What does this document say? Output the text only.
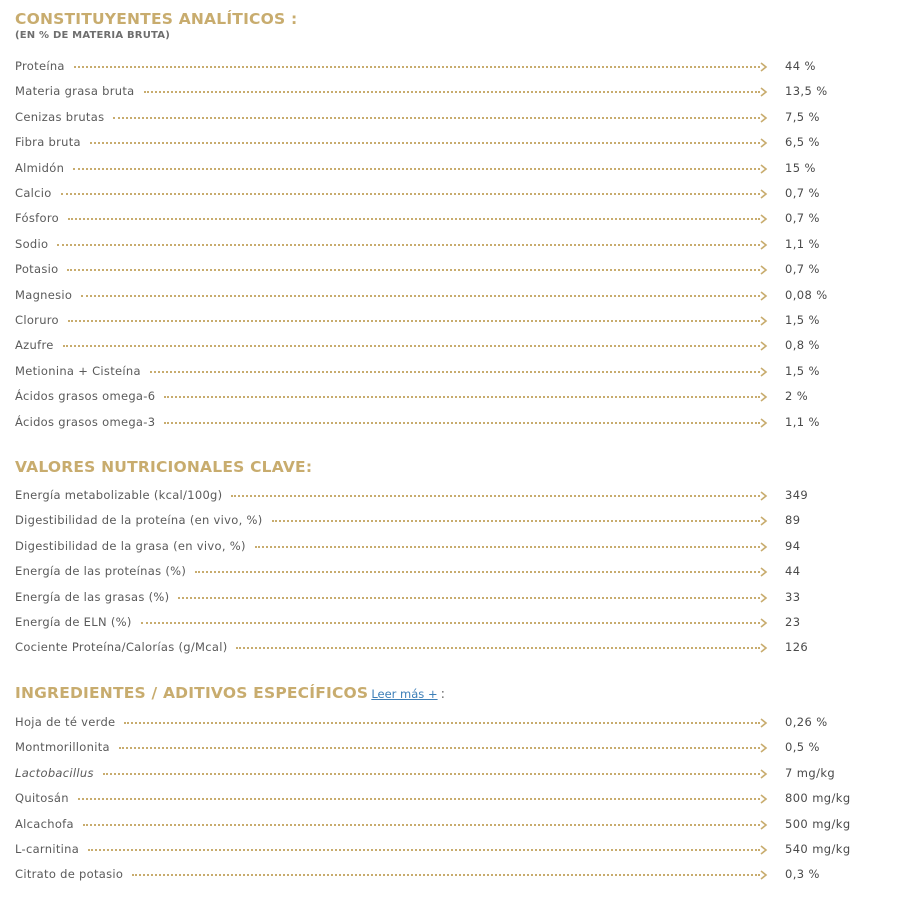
CONSTITUYENTES ANALÍTICOS :
(EN % DE MATERIA BRUTA)
Proteína	44 %
Materia grasa bruta	13,5 %
Cenizas brutas	7,5 %
Fibra bruta	6,5 %
Almidón	15 %
Calcio	0,7 %
Fósforo	0,7 %
Sodio	1,1 %
Potasio	0,7 %
Magnesio	0,08 %
Cloruro	1,5 %
Azufre	0,8 %
Metionina + Cisteína	1,5 %
Ácidos grasos omega-6	2 %
Ácidos grasos omega-3	1,1 %
VALORES NUTRICIONALES CLAVE:
Energía metabolizable (kcal/100g)	349
Digestibilidad de la proteína (en vivo, %)	89
Digestibilidad de la grasa (en vivo, %)	94
Energía de las proteínas (%)	44
Energía de las grasas (%)	33
Energía de ELN (%)	23
Cociente Proteína/Calorías (g/Mcal)	126
INGREDIENTES / ADITIVOS ESPECÍFICOS Leer más + :
Hoja de té verde	0,26 %
Montmorillonita	0,5 %
Lactobacillus	7 mg/kg
Quitosán	800 mg/kg
Alcachofa	500 mg/kg
L-carnitina	540 mg/kg
Citrato de potasio	0,3 %
